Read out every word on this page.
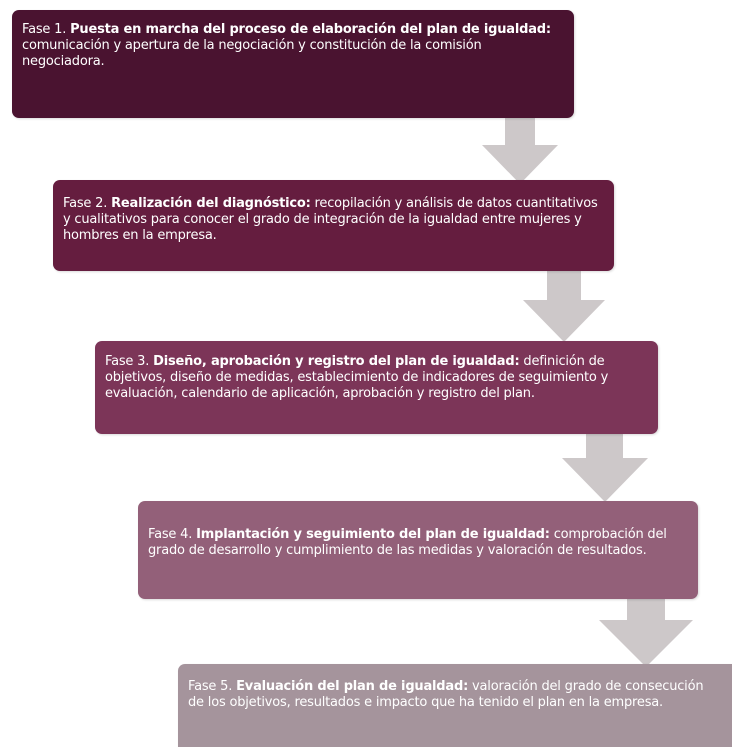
Fase 1. Puesta en marcha del proceso de elaboración del plan de igualdad: comunicación y apertura de la negociación y constitución de la comisión negociadora.
Fase 2. Realización del diagnóstico: recopilación y análisis de datos cuantitativos y cualitativos para conocer el grado de integración de la igualdad entre mujeres y hombres en la empresa.
Fase 3. Diseño, aprobación y registro del plan de igualdad: definición de objetivos, diseño de medidas, establecimiento de indicadores de seguimiento y evaluación, calendario de aplicación, aprobación y registro del plan.
Fase 4. Implantación y seguimiento del plan de igualdad: comprobación del grado de desarrollo y cumplimiento de las medidas y valoración de resultados.
Fase 5. Evaluación del plan de igualdad: valoración del grado de consecución de los objetivos, resultados e impacto que ha tenido el plan en la empresa.
